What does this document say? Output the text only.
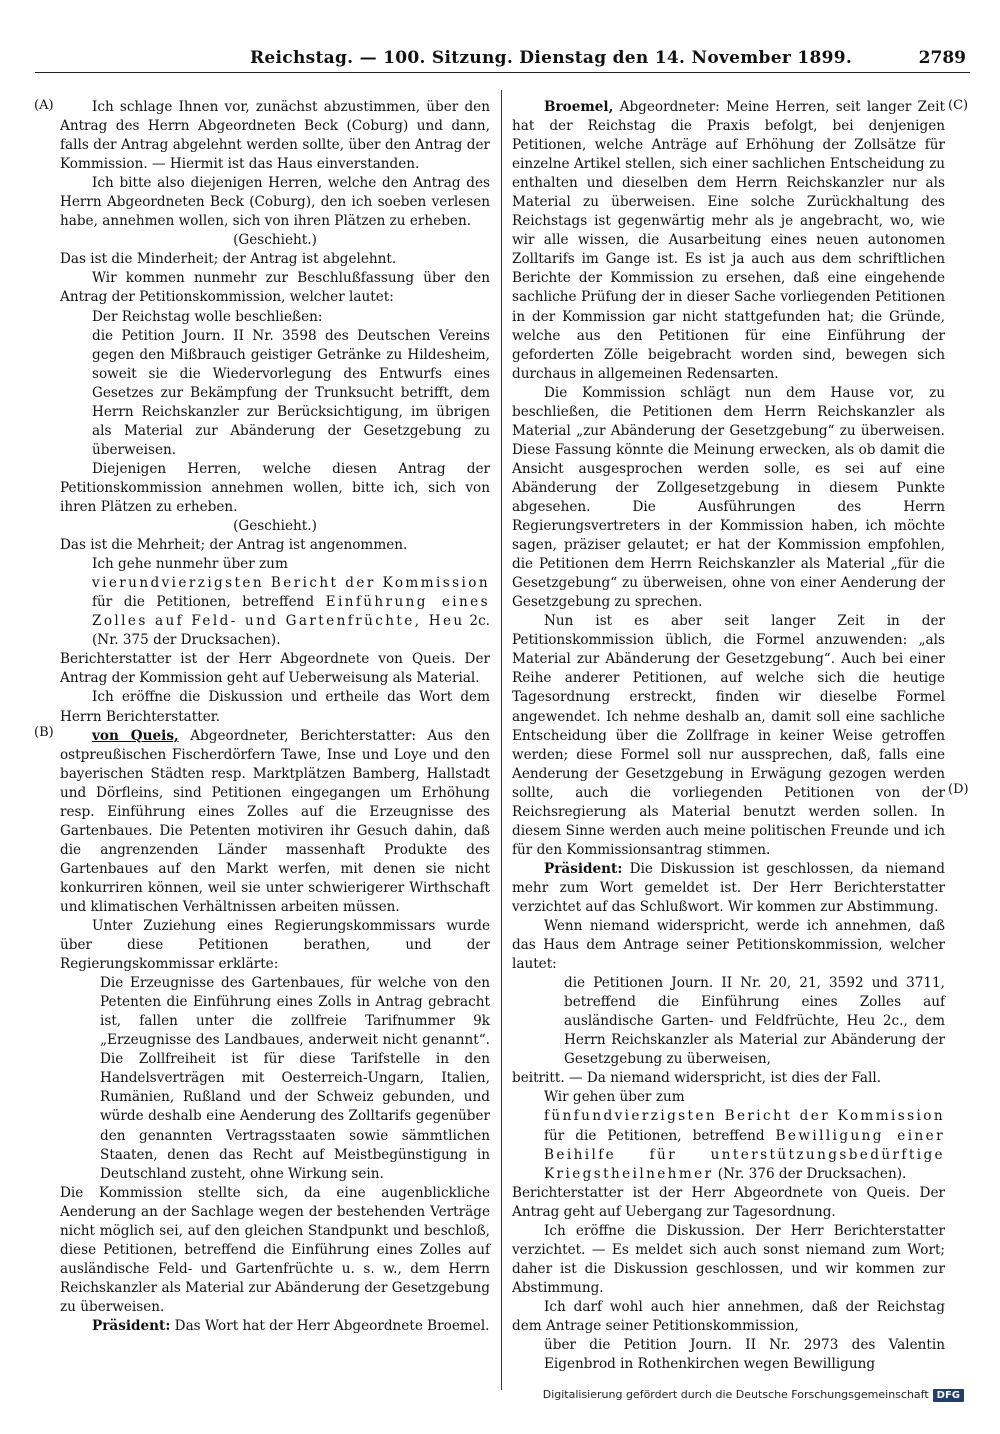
Reichstag. — 100. Sitzung. Dienstag den 14. November 1899.	2789
(A)
(B)
(C)
(D)

Ich schlage Ihnen vor, zunächst abzustimmen, über den Antrag des Herrn Abgeordneten Beck (Coburg) und dann, falls der Antrag abgelehnt werden sollte, über den Antrag der Kommission. — Hiermit ist das Haus einverstanden.

Ich bitte also diejenigen Herren, welche den Antrag des Herrn Abgeordneten Beck (Coburg), den ich soeben verlesen habe, annehmen wollen, sich von ihren Plätzen zu erheben.

(Geschieht.)

Das ist die Minderheit; der Antrag ist abgelehnt.

Wir kommen nunmehr zur Beschlußfassung über den Antrag der Petitionskommission, welcher lautet:

Der Reichstag wolle beschließen:

die Petition Journ. II Nr. 3598 des Deutschen Vereins gegen den Mißbrauch geistiger Getränke zu Hildesheim, soweit sie die Wiedervorlegung des Entwurfs eines Gesetzes zur Bekämpfung der Trunksucht betrifft, dem Herrn Reichskanzler zur Berücksichtigung, im übrigen als Material zur Abänderung der Gesetzgebung zu überweisen.

Diejenigen Herren, welche diesen Antrag der Petitionskommission annehmen wollen, bitte ich, sich von ihren Plätzen zu erheben.

(Geschieht.)

Das ist die Mehrheit; der Antrag ist angenommen.

Ich gehe nunmehr über zum

vierundvierzigsten Bericht der Kommission für die Petitionen, betreffend Einführung eines Zolles auf Feld- und Gartenfrüchte, Heu 2c. (Nr. 375 der Drucksachen).

Berichterstatter ist der Herr Abgeordnete von Queis. Der Antrag der Kommission geht auf Ueberweisung als Material.

Ich eröffne die Diskussion und ertheile das Wort dem Herrn Berichterstatter.

von Queis, Abgeordneter, Berichterstatter: Aus den ostpreußischen Fischerdörfern Tawe, Inse und Loye und den bayerischen Städten resp. Marktplätzen Bamberg, Hallstadt und Dörfleins, sind Petitionen eingegangen um Erhöhung resp. Einführung eines Zolles auf die Erzeugnisse des Gartenbaues. Die Petenten motiviren ihr Gesuch dahin, daß die angrenzenden Länder massenhaft Produkte des Gartenbaues auf den Markt werfen, mit denen sie nicht konkurriren können, weil sie unter schwierigerer Wirthschaft und klimatischen Verhältnissen arbeiten müssen.

Unter Zuziehung eines Regierungskommissars wurde über diese Petitionen berathen, und der Regierungskommissar erklärte:

Die Erzeugnisse des Gartenbaues, für welche von den Petenten die Einführung eines Zolls in Antrag gebracht ist, fallen unter die zollfreie Tarifnummer 9k „Erzeugnisse des Landbaues, anderweit nicht genannt“. Die Zollfreiheit ist für diese Tarifstelle in den Handelsverträgen mit Oesterreich-Ungarn, Italien, Rumänien, Rußland und der Schweiz gebunden, und würde deshalb eine Aenderung des Zolltarifs gegenüber den genannten Vertragsstaaten sowie sämmtlichen Staaten, denen das Recht auf Meistbegünstigung in Deutschland zusteht, ohne Wirkung sein.

Die Kommission stellte sich, da eine augenblickliche Aenderung an der Sachlage wegen der bestehenden Verträge nicht möglich sei, auf den gleichen Standpunkt und beschloß, diese Petitionen, betreffend die Einführung eines Zolles auf ausländische Feld- und Gartenfrüchte u. s. w., dem Herrn Reichskanzler als Material zur Abänderung der Gesetzgebung zu überweisen.

Präsident: Das Wort hat der Herr Abgeordnete Broemel.

Broemel, Abgeordneter: Meine Herren, seit langer Zeit hat der Reichstag die Praxis befolgt, bei denjenigen Petitionen, welche Anträge auf Erhöhung der Zollsätze für einzelne Artikel stellen, sich einer sachlichen Entscheidung zu enthalten und dieselben dem Herrn Reichskanzler nur als Material zu überweisen. Eine solche Zurückhaltung des Reichstags ist gegenwärtig mehr als je angebracht, wo, wie wir alle wissen, die Ausarbeitung eines neuen autonomen Zolltarifs im Gange ist. Es ist ja auch aus dem schriftlichen Berichte der Kommission zu ersehen, daß eine eingehende sachliche Prüfung der in dieser Sache vorliegenden Petitionen in der Kommission gar nicht stattgefunden hat; die Gründe, welche aus den Petitionen für eine Einführung der geforderten Zölle beigebracht worden sind, bewegen sich durchaus in allgemeinen Redensarten.

Die Kommission schlägt nun dem Hause vor, zu beschließen, die Petitionen dem Herrn Reichskanzler als Material „zur Abänderung der Gesetzgebung“ zu überweisen. Diese Fassung könnte die Meinung erwecken, als ob damit die Ansicht ausgesprochen werden solle, es sei auf eine Abänderung der Zollgesetzgebung in diesem Punkte abgesehen. Die Ausführungen des Herrn Regierungsvertreters in der Kommission haben, ich möchte sagen, präziser gelautet; er hat der Kommission empfohlen, die Petitionen dem Herrn Reichskanzler als Material „für die Gesetzgebung“ zu überweisen, ohne von einer Aenderung der Gesetzgebung zu sprechen.

Nun ist es aber seit langer Zeit in der Petitionskommission üblich, die Formel anzuwenden: „als Material zur Abänderung der Gesetzgebung“. Auch bei einer Reihe anderer Petitionen, auf welche sich die heutige Tagesordnung erstreckt, finden wir dieselbe Formel angewendet. Ich nehme deshalb an, damit soll eine sachliche Entscheidung über die Zollfrage in keiner Weise getroffen werden; diese Formel soll nur aussprechen, daß, falls eine Aenderung der Gesetzgebung in Erwägung gezogen werden sollte, auch die vorliegenden Petitionen von der Reichsregierung als Material benutzt werden sollen. In diesem Sinne werden auch meine politischen Freunde und ich für den Kommissionsantrag stimmen.

Präsident: Die Diskussion ist geschlossen, da niemand mehr zum Wort gemeldet ist. Der Herr Berichterstatter verzichtet auf das Schlußwort. Wir kommen zur Abstimmung.

Wenn niemand widerspricht, werde ich annehmen, daß das Haus dem Antrage seiner Petitionskommission, welcher lautet:

die Petitionen Journ. II Nr. 20, 21, 3592 und 3711, betreffend die Einführung eines Zolles auf ausländische Garten- und Feldfrüchte, Heu 2c., dem Herrn Reichskanzler als Material zur Abänderung der Gesetzgebung zu überweisen,

beitritt. — Da niemand widerspricht, ist dies der Fall.

Wir gehen über zum

fünfundvierzigsten Bericht der Kommission für die Petitionen, betreffend Bewilligung einer Beihilfe für unterstützungsbedürftige Kriegstheilnehmer (Nr. 376 der Drucksachen).

Berichterstatter ist der Herr Abgeordnete von Queis. Der Antrag geht auf Uebergang zur Tagesordnung.

Ich eröffne die Diskussion. Der Herr Berichterstatter verzichtet. — Es meldet sich auch sonst niemand zum Wort; daher ist die Diskussion geschlossen, und wir kommen zur Abstimmung.

Ich darf wohl auch hier annehmen, daß der Reichstag dem Antrage seiner Petitionskommission,

über die Petition Journ. II Nr. 2973 des Valentin Eigenbrod in Rothenkirchen wegen Bewilligung

Digitalisierung gefördert durch die Deutsche Forschungsgemeinschaft DFG
